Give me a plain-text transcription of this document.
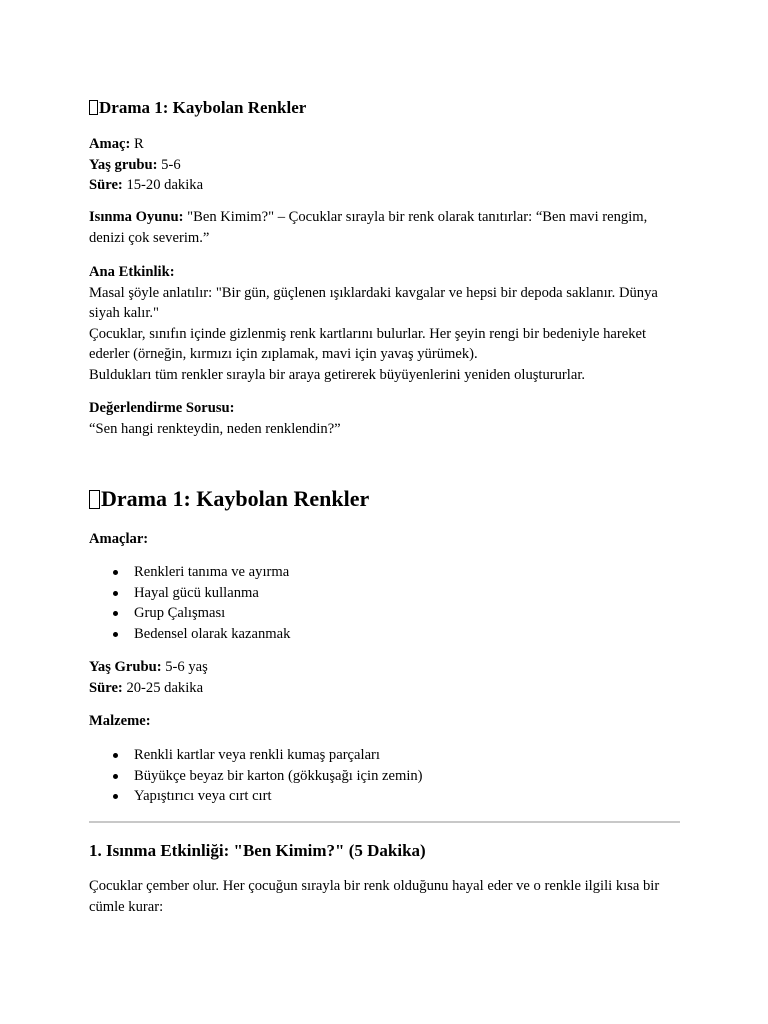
Drama 1: Kaybolan Renkler
Amaç: R
Yaş grubu: 5-6
Süre: 15-20 dakika
Isınma Oyunu: "Ben Kimim?" – Çocuklar sırayla bir renk olarak tanıtırlar: “Ben mavi rengim,
denizi çok severim.”
Ana Etkinlik:
Masal şöyle anlatılır: "Bir gün, güçlenen ışıklardaki kavgalar ve hepsi bir depoda saklanır. Dünya
siyah kalır."
Çocuklar, sınıfın içinde gizlenmiş renk kartlarını bulurlar. Her şeyin rengi bir bedeniyle hareket
ederler (örneğin, kırmızı için zıplamak, mavi için yavaş yürümek).
Buldukları tüm renkler sırayla bir araya getirerek büyüyenlerini yeniden oluştururlar.
Değerlendirme Sorusu:
“Sen hangi renkteydin, neden renklendin?”
Drama 1: Kaybolan Renkler
Amaçlar:
Renkleri tanıma ve ayırma
Hayal gücü kullanma
Grup Çalışması
Bedensel olarak kazanmak
Yaş Grubu: 5-6 yaş
Süre: 20-25 dakika
Malzeme:
Renkli kartlar veya renkli kumaş parçaları
Büyükçe beyaz bir karton (gökkuşağı için zemin)
Yapıştırıcı veya cırt cırt
1. Isınma Etkinliği: "Ben Kimim?" (5 Dakika)
Çocuklar çember olur. Her çocuğun sırayla bir renk olduğunu hayal eder ve o renkle ilgili kısa bir
cümle kurar:
